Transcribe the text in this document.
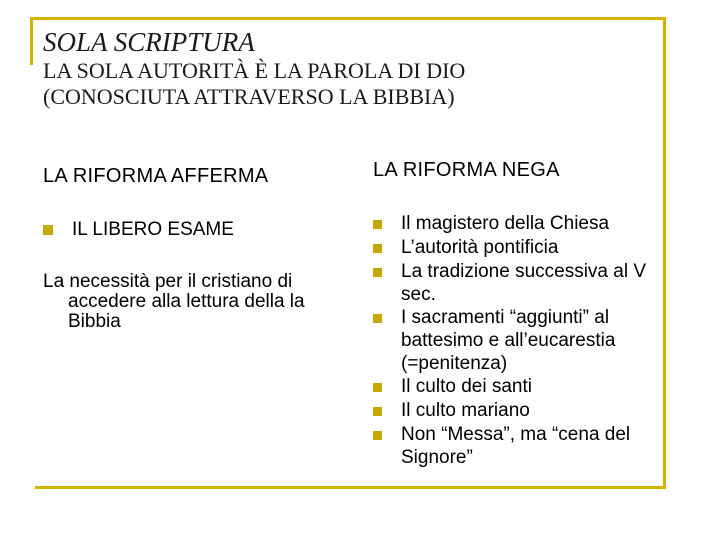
SOLA SCRIPTURA
LA SOLA AUTORITÀ È LA PAROLA DI DIO
(CONOSCIUTA ATTRAVERSO LA BIBBIA)
LA RIFORMA AFFERMA
IL LIBERO ESAME
La necessità per il cristiano di accedere alla lettura della la Bibbia
LA RIFORMA NEGA
Il magistero della Chiesa
L’autorità pontificia
La tradizione successiva al V sec.
I sacramenti “aggiunti” al battesimo e all’eucarestia (=penitenza)
Il culto dei santi
Il culto mariano
Non “Messa”, ma “cena del Signore”
